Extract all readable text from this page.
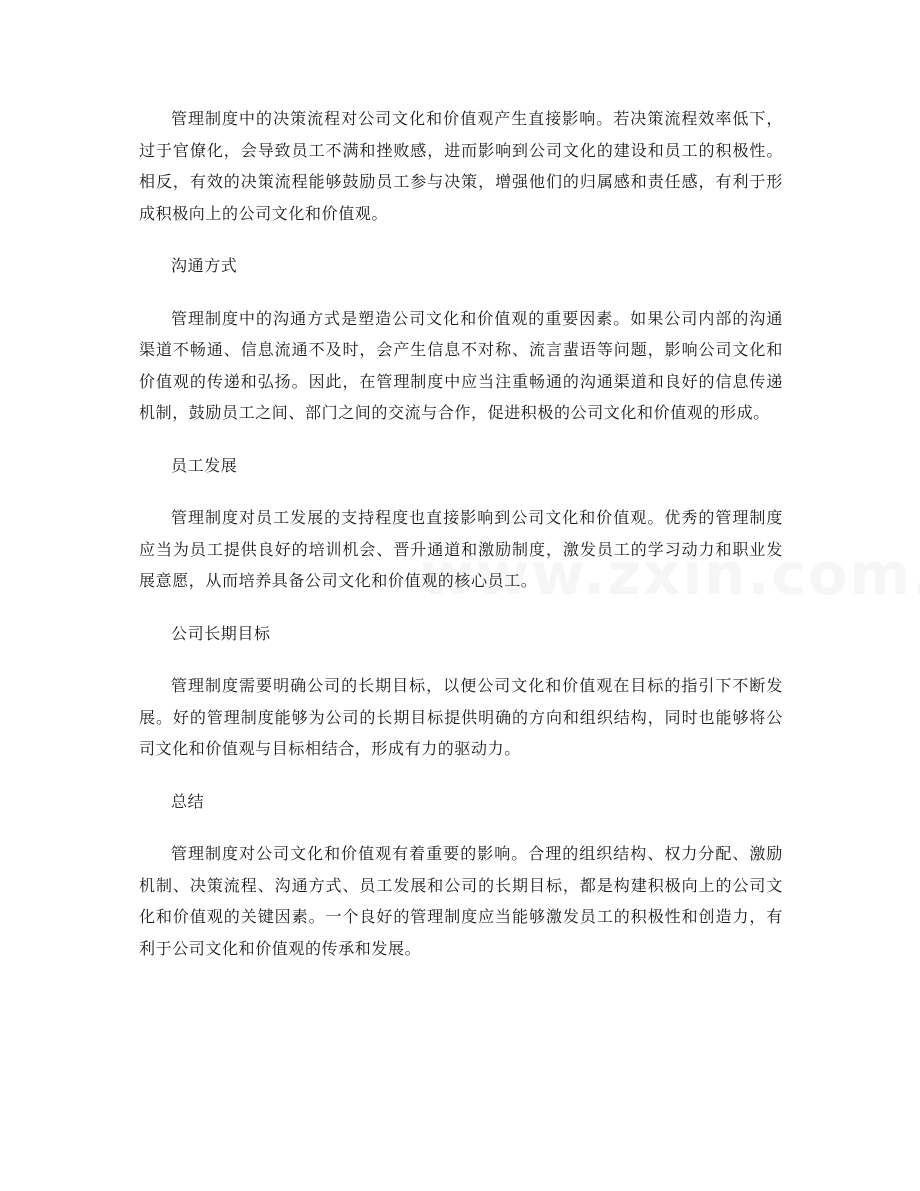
管理制度中的决策流程对公司文化和价值观产生直接影响。若决策流程效率低下，过于官僚化，会导致员工不满和挫败感，进而影响到公司文化的建设和员工的积极性。相反，有效的决策流程能够鼓励员工参与决策，增强他们的归属感和责任感，有利于形成积极向上的公司文化和价值观。

沟通方式

管理制度中的沟通方式是塑造公司文化和价值观的重要因素。如果公司内部的沟通渠道不畅通、信息流通不及时，会产生信息不对称、流言蜚语等问题，影响公司文化和价值观的传递和弘扬。因此，在管理制度中应当注重畅通的沟通渠道和良好的信息传递机制，鼓励员工之间、部门之间的交流与合作，促进积极的公司文化和价值观的形成。

员工发展

管理制度对员工发展的支持程度也直接影响到公司文化和价值观。优秀的管理制度应当为员工提供良好的培训机会、晋升通道和激励制度，激发员工的学习动力和职业发展意愿，从而培养具备公司文化和价值观的核心员工。

公司长期目标

管理制度需要明确公司的长期目标，以便公司文化和价值观在目标的指引下不断发展。好的管理制度能够为公司的长期目标提供明确的方向和组织结构，同时也能够将公司文化和价值观与目标相结合，形成有力的驱动力。

总结

管理制度对公司文化和价值观有着重要的影响。合理的组织结构、权力分配、激励机制、决策流程、沟通方式、员工发展和公司的长期目标，都是构建积极向上的公司文化和价值观的关键因素。一个良好的管理制度应当能够激发员工的积极性和创造力，有利于公司文化和价值观的传承和发展。
